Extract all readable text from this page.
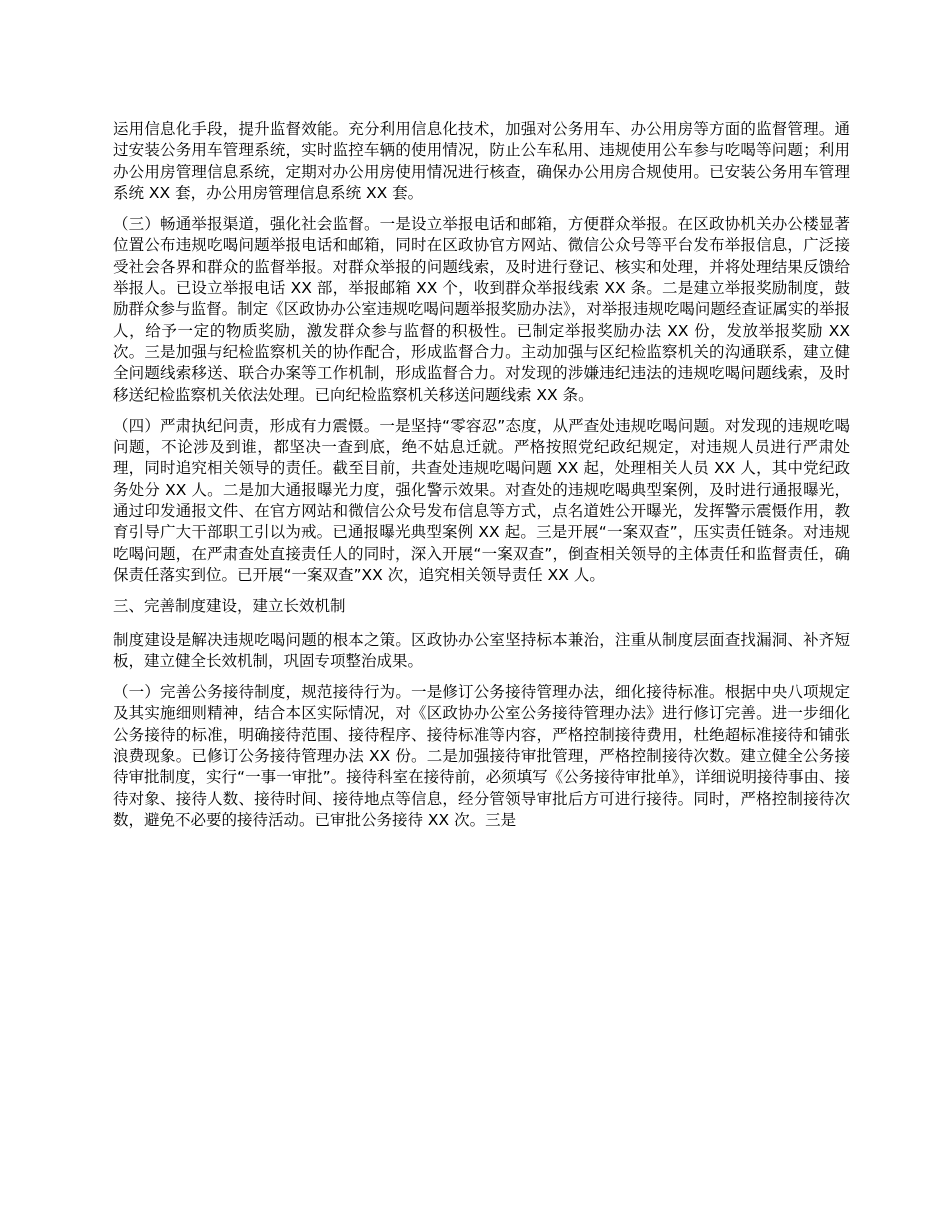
运用信息化手段，提升监督效能。充分利用信息化技术，加强对公务用车、办公用房等方面的监督管理。通过安装公务用车管理系统，实时监控车辆的使用情况，防止公车私用、违规使用公车参与吃喝等问题；利用办公用房管理信息系统，定期对办公用房使用情况进行核查，确保办公用房合规使用。已安装公务用车管理系统 XX 套，办公用房管理信息系统 XX 套。

（三）畅通举报渠道，强化社会监督。一是设立举报电话和邮箱，方便群众举报。在区政协机关办公楼显著位置公布违规吃喝问题举报电话和邮箱，同时在区政协官方网站、微信公众号等平台发布举报信息，广泛接受社会各界和群众的监督举报。对群众举报的问题线索，及时进行登记、核实和处理，并将处理结果反馈给举报人。已设立举报电话 XX 部，举报邮箱 XX 个，收到群众举报线索 XX 条。二是建立举报奖励制度，鼓励群众参与监督。制定《区政协办公室违规吃喝问题举报奖励办法》，对举报违规吃喝问题经查证属实的举报人，给予一定的物质奖励，激发群众参与监督的积极性。已制定举报奖励办法 XX 份，发放举报奖励 XX 次。三是加强与纪检监察机关的协作配合，形成监督合力。主动加强与区纪检监察机关的沟通联系，建立健全问题线索移送、联合办案等工作机制，形成监督合力。对发现的涉嫌违纪违法的违规吃喝问题线索，及时移送纪检监察机关依法处理。已向纪检监察机关移送问题线索 XX 条。

（四）严肃执纪问责，形成有力震慑。一是坚持“零容忍”态度，从严查处违规吃喝问题。对发现的违规吃喝问题，不论涉及到谁，都坚决一查到底，绝不姑息迁就。严格按照党纪政纪规定，对违规人员进行严肃处理，同时追究相关领导的责任。截至目前，共查处违规吃喝问题 XX 起，处理相关人员 XX 人，其中党纪政务处分 XX 人。二是加大通报曝光力度，强化警示效果。对查处的违规吃喝典型案例，及时进行通报曝光，通过印发通报文件、在官方网站和微信公众号发布信息等方式，点名道姓公开曝光，发挥警示震慑作用，教育引导广大干部职工引以为戒。已通报曝光典型案例 XX 起。三是开展“一案双查”，压实责任链条。对违规吃喝问题，在严肃查处直接责任人的同时，深入开展“一案双查”，倒查相关领导的主体责任和监督责任，确保责任落实到位。已开展“一案双查”XX 次，追究相关领导责任 XX 人。

三、完善制度建设，建立长效机制

制度建设是解决违规吃喝问题的根本之策。区政协办公室坚持标本兼治，注重从制度层面查找漏洞、补齐短板，建立健全长效机制，巩固专项整治成果。

（一）完善公务接待制度，规范接待行为。一是修订公务接待管理办法，细化接待标准。根据中央八项规定及其实施细则精神，结合本区实际情况，对《区政协办公室公务接待管理办法》进行修订完善。进一步细化公务接待的标准，明确接待范围、接待程序、接待标准等内容，严格控制接待费用，杜绝超标准接待和铺张浪费现象。已修订公务接待管理办法 XX 份。二是加强接待审批管理，严格控制接待次数。建立健全公务接待审批制度，实行“一事一审批”。接待科室在接待前，必须填写《公务接待审批单》，详细说明接待事由、接待对象、接待人数、接待时间、接待地点等信息，经分管领导审批后方可进行接待。同时，严格控制接待次数，避免不必要的接待活动。已审批公务接待 XX 次。三是
